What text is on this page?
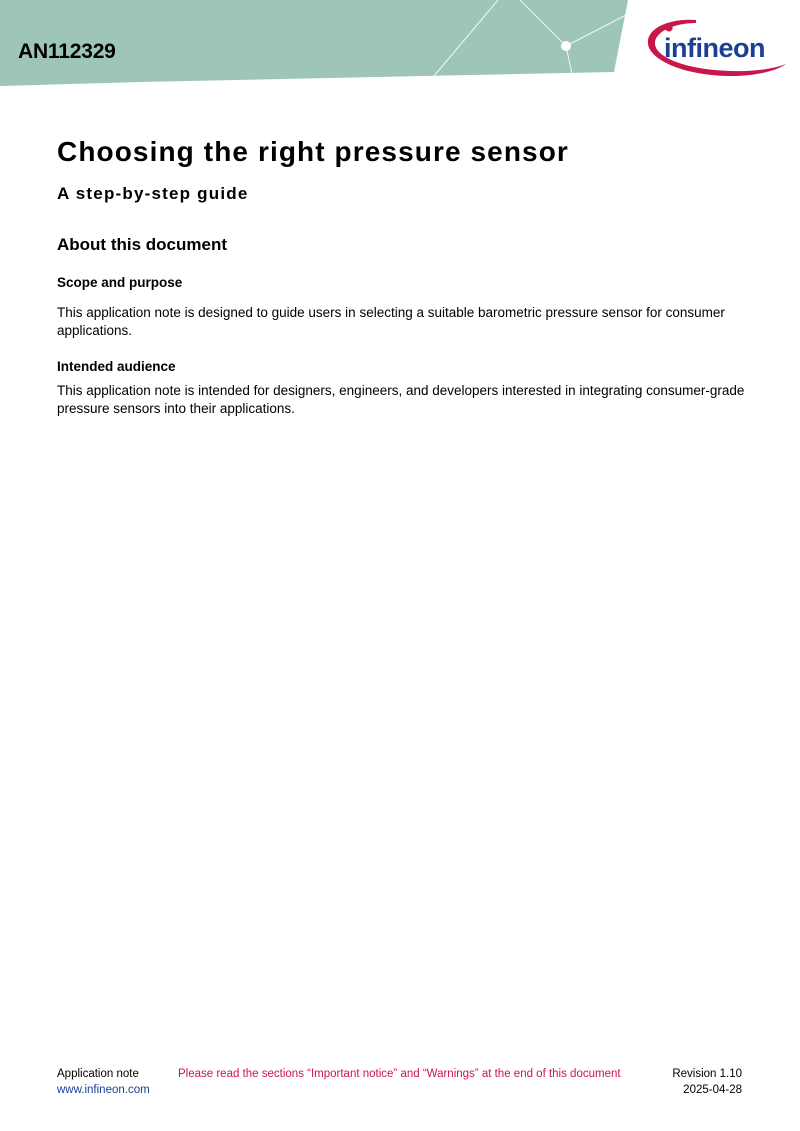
AN112329	infineon
Choosing the right pressure sensor
A step-by-step guide
About this document
Scope and purpose
This application note is designed to guide users in selecting a suitable barometric pressure sensor for consumer applications.
Intended audience
This application note is intended for designers, engineers, and developers interested in integrating consumer-grade pressure sensors into their applications.
Application note
www.infineon.com
Please read the sections “Important notice” and “Warnings” at the end of this document	Revision 1.10
2025-04-28
